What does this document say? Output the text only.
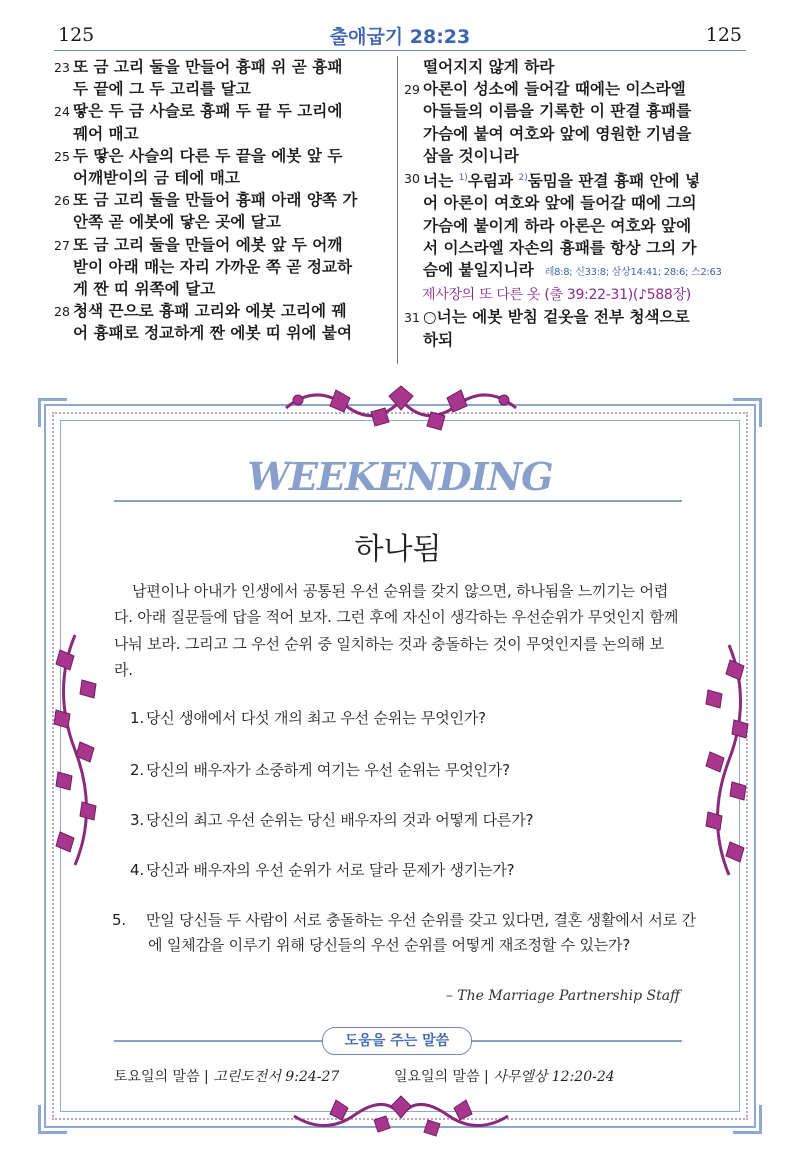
125	출애굽기 28:23	125
23 또 금 고리 둘을 만들어 흉패 위 곧 흉패
두 끝에 그 두 고리를 달고
24 땋은 두 금 사슬로 흉패 두 끝 두 고리에
꿰어 매고
25 두 땋은 사슬의 다른 두 끝을 에봇 앞 두
어깨받이의 금 테에 매고
26 또 금 고리 둘을 만들어 흉패 아래 양쪽 가
안쪽 곧 에봇에 닿은 곳에 달고
27 또 금 고리 둘을 만들어 에봇 앞 두 어깨
받이 아래 매는 자리 가까운 쪽 곧 정교하
게 짠 띠 위쪽에 달고
28 청색 끈으로 흉패 고리와 에봇 고리에 꿰
어 흉패로 정교하게 짠 에봇 띠 위에 붙여
떨어지지 않게 하라
29 아론이 성소에 들어갈 때에는 이스라엘
아들들의 이름을 기록한 이 판결 흉패를
가슴에 붙여 여호와 앞에 영원한 기념을
삼을 것이니라
30 너는 $^{1)}$우림과 $^{2)}$둠밈을 판결 흉패 안에 넣
어 아론이 여호와 앞에 들어갈 때에 그의
가슴에 붙이게 하라 아론은 여호와 앞에
서 이스라엘 자손의 흉패를 항상 그의 가
슴에 붙일지니라 레8:8; 신33:8; 삼상14:41; 28:6; 스2:63
제사장의 또 다른 옷 (출 39:22-31)(♪588장)
31 ○너는 에봇 받침 겉옷을 전부 청색으로
하되
WEEKENDING
하나됨
남편이나 아내가 인생에서 공통된 우선 순위를 갖지 않으면, 하나됨을 느끼기는 어렵다. 아래 질문들에 답을 적어 보자. 그런 후에 자신이 생각하는 우선순위가 무엇인지 함께 나눠 보라. 그리고 그 우선 순위 중 일치하는 것과 충돌하는 것이 무엇인지를 논의해 보라.
1. 당신 생애에서 다섯 개의 최고 우선 순위는 무엇인가?
2. 당신의 배우자가 소중하게 여기는 우선 순위는 무엇인가?
3. 당신의 최고 우선 순위는 당신 배우자의 것과 어떻게 다른가?
4. 당신과 배우자의 우선 순위가 서로 달라 문제가 생기는가?
5. 만일 당신들 두 사람이 서로 충돌하는 우선 순위를 갖고 있다면, 결혼 생활에서 서로 간에 일체감을 이루기 위해 당신들의 우선 순위를 어떻게 재조정할 수 있는가?
– The Marriage Partnership Staff
도움을 주는 말씀
토요일의 말씀 | 고린도전서 9:24-27	일요일의 말씀 | 사무엘상 12:20-24
